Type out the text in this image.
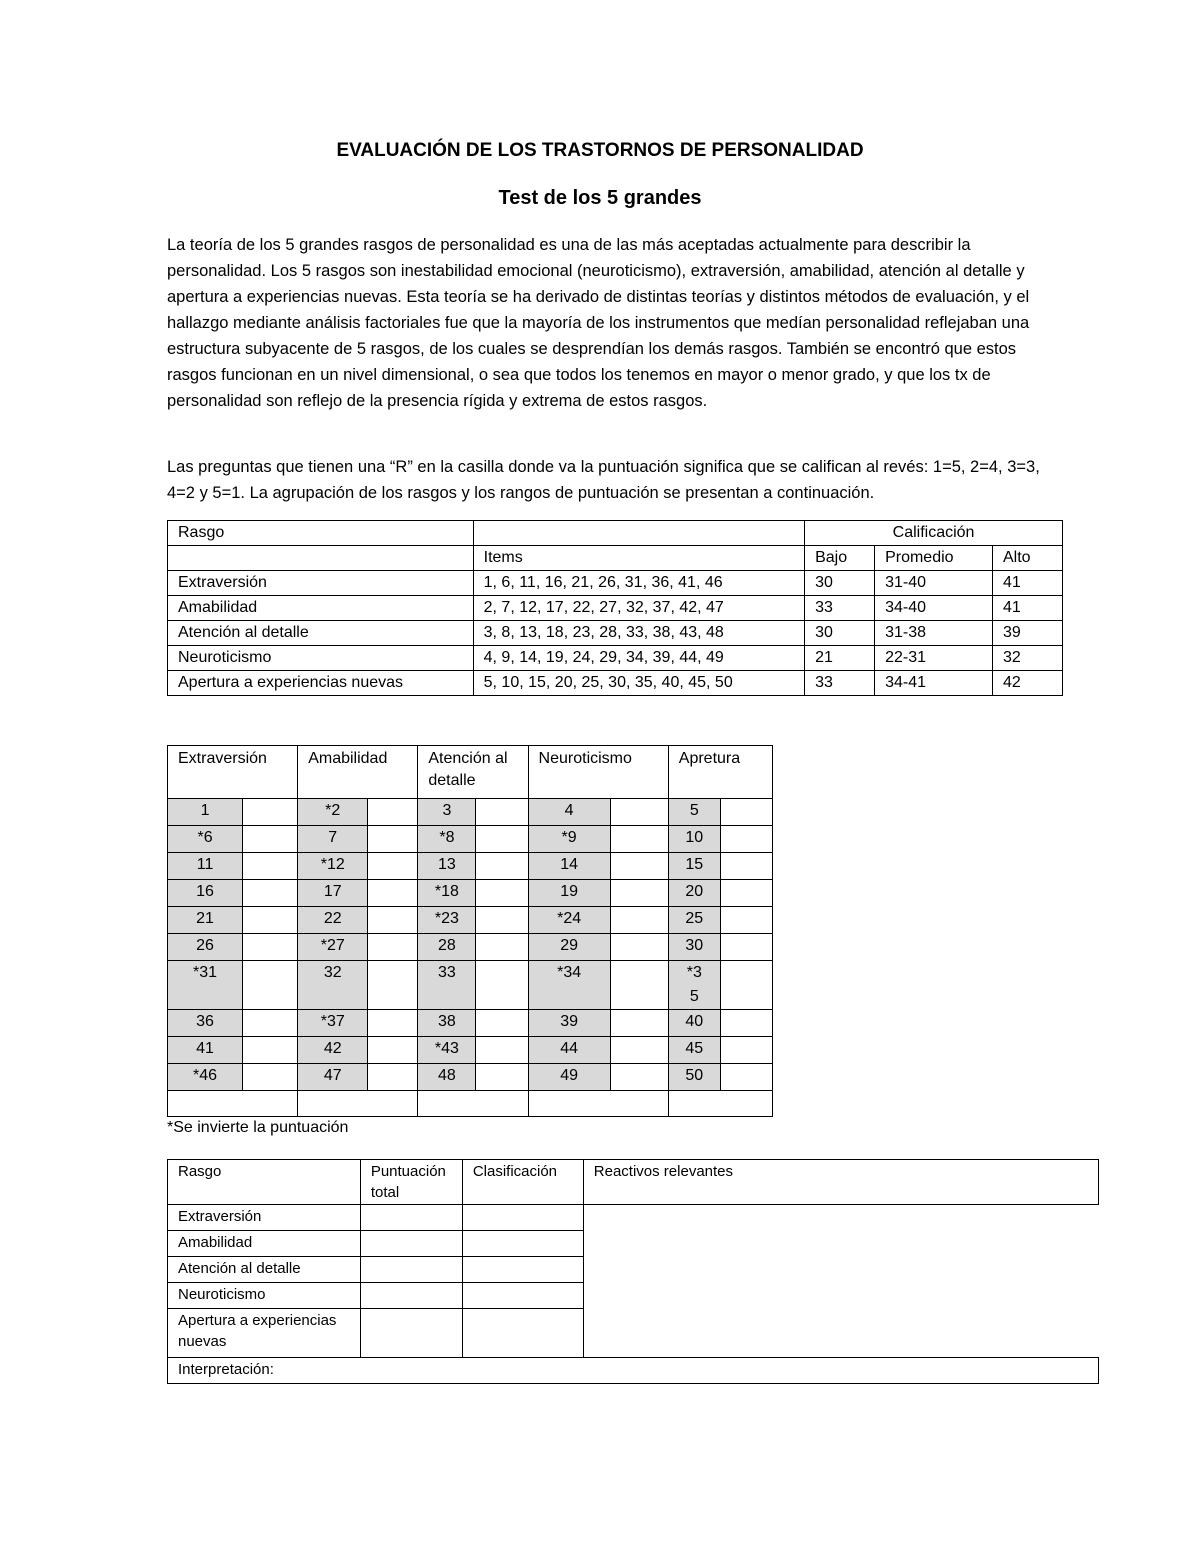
EVALUACIÓN DE LOS TRASTORNOS DE PERSONALIDAD
Test de los 5 grandes

La teoría de los 5 grandes rasgos de personalidad es una de las más aceptadas actualmente para describir la personalidad. Los 5 rasgos son inestabilidad emocional (neuroticismo), extraversión, amabilidad, atención al detalle y apertura a experiencias nuevas. Esta teoría se ha derivado de distintas teorías y distintos métodos de evaluación, y el hallazgo mediante análisis factoriales fue que la mayoría de los instrumentos que medían personalidad reflejaban una estructura subyacente de 5 rasgos, de los cuales se desprendían los demás rasgos. También se encontró que estos rasgos funcionan en un nivel dimensional, o sea que todos los tenemos en mayor o menor grado, y que los tx de personalidad son reflejo de la presencia rígida y extrema de estos rasgos.

Las preguntas que tienen una “R” en la casilla donde va la puntuación significa que se califican al revés: 1=5, 2=4, 3=3, 4=2 y 5=1. La agrupación de los rasgos y los rangos de puntuación se presentan a continuación.

Rasgo		Calificación		
	Items	Bajo	Promedio	Alto
Extraversión	1, 6, 11, 16, 21, 26, 31, 36, 41, 46	30	31-40	41
Amabilidad	2, 7, 12, 17, 22, 27, 32, 37, 42, 47	33	34-40	41
Atención al detalle	3, 8, 13, 18, 23, 28, 33, 38, 43, 48	30	31-38	39
Neuroticismo	4, 9, 14, 19, 24, 29, 34, 39, 44, 49	21	22-31	32
Apertura a experiencias nuevas	5, 10, 15, 20, 25, 30, 35, 40, 45, 50	33	34-41	42
Extraversión		Amabilidad		Atención al detalle		Neuroticismo		Apretura	
1		*2		3		4		5	
*6		7		*8		*9		10	
11		*12		13		14		15	
16		17		*18		19		20	
21		22		*23		*24		25	
26		*27		28		29		30	
*31		32		33		*34		*35	
36		*37		38		39		40	
41		42		*43		44		45	
*46		47		48		49		50	

*Se invierte la puntuación
Rasgo	Puntuación total	Clasificación	Reactivos relevantes
Extraversión			
Amabilidad			
Atención al detalle			
Neuroticismo			
Apertura a experiencias nuevas			
Interpretación:			
